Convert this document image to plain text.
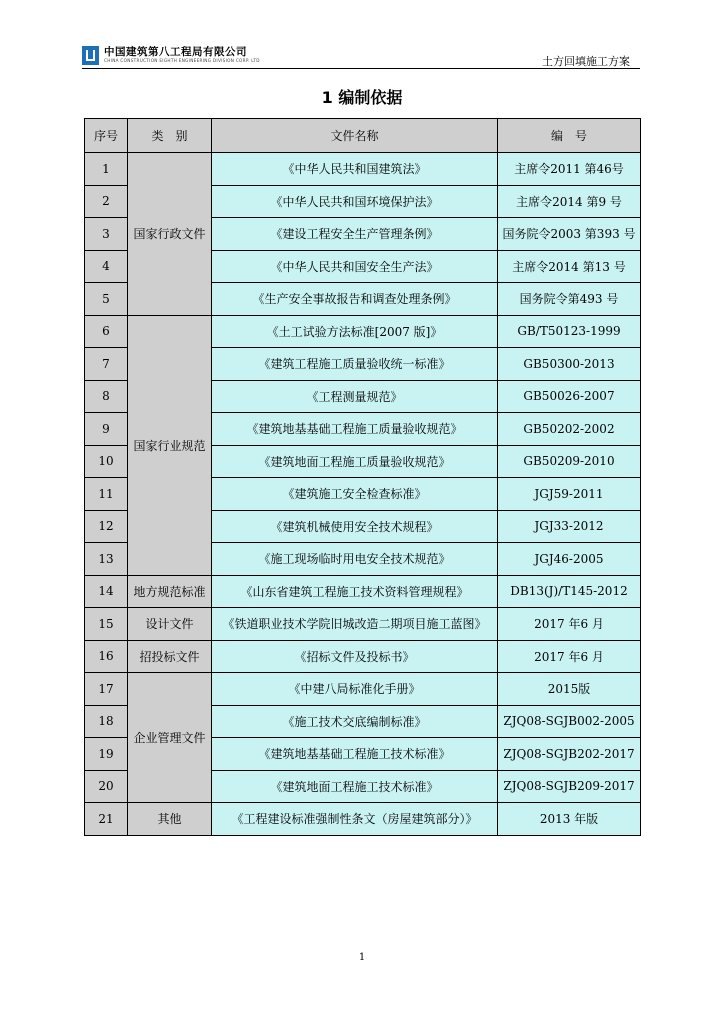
中国建筑第八工程局有限公司
CHINA CONSTRUCTION EIGHTH ENGINEERING DIVISION CORP. LTD	土方回填施工方案
1 编制依据
序号	类　别	文件名称	编　号
1	国家行政文件	《中华人民共和国建筑法》	主席令2011 第46号
2		《中华人民共和国环境保护法》	主席令2014 第9 号
3		《建设工程安全生产管理条例》	国务院令2003 第393 号
4		《中华人民共和国安全生产法》	主席令2014 第13 号
5		《生产安全事故报告和调查处理条例》	国务院令第493 号
6	国家行业规范	《土工试验方法标准[2007 版]》	GB/T50123-1999
7		《建筑工程施工质量验收统一标准》	GB50300-2013
8		《工程测量规范》	GB50026-2007
9		《建筑地基基础工程施工质量验收规范》	GB50202-2002
10		《建筑地面工程施工质量验收规范》	GB50209-2010
11		《建筑施工安全检查标准》	JGJ59-2011
12		《建筑机械使用安全技术规程》	JGJ33-2012
13		《施工现场临时用电安全技术规范》	JGJ46-2005
14	地方规范标准	《山东省建筑工程施工技术资料管理规程》	DB13(J)/T145-2012
15	设计文件	《铁道职业技术学院旧城改造二期项目施工蓝图》	2017 年6 月
16	招投标文件	《招标文件及投标书》	2017 年6 月
17	企业管理文件	《中建八局标准化手册》	2015版
18		《施工技术交底编制标准》	ZJQ08-SGJB002-2005
19		《建筑地基基础工程施工技术标准》	ZJQ08-SGJB202-2017
20		《建筑地面工程施工技术标准》	ZJQ08-SGJB209-2017
21	其他	《工程建设标准强制性条文（房屋建筑部分）》	2013 年版
1
